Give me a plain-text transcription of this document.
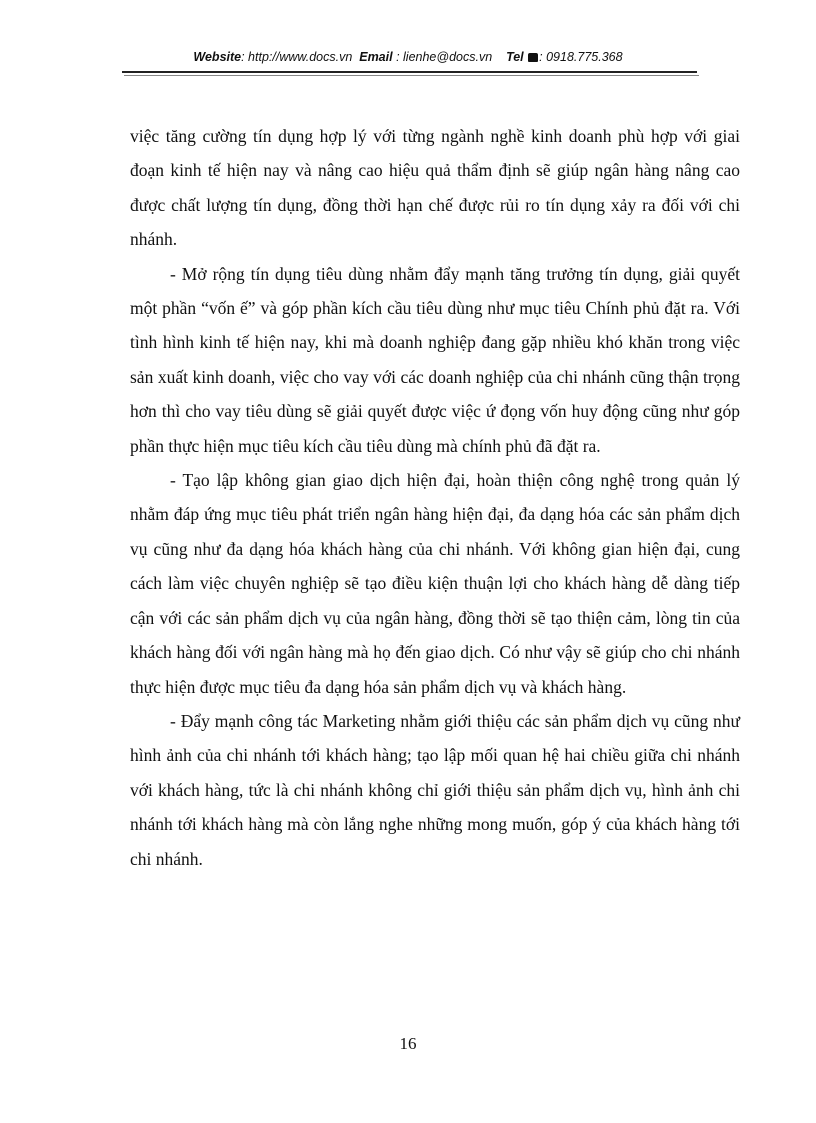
Website: http://www.docs.vn Email : lienhe@docs.vn Tel : 0918.775.368

việc tăng cường tín dụng hợp lý với từng ngành nghề kinh doanh phù hợp với giai đoạn kinh tế hiện nay và nâng cao hiệu quả thẩm định sẽ giúp ngân hàng nâng cao được chất lượng tín dụng, đồng thời hạn chế được rủi ro tín dụng xảy ra đối với chi nhánh.

- Mở rộng tín dụng tiêu dùng nhằm đẩy mạnh tăng trưởng tín dụng, giải quyết một phần “vốn ế” và góp phần kích cầu tiêu dùng như mục tiêu Chính phủ đặt ra. Với tình hình kinh tế hiện nay, khi mà doanh nghiệp đang gặp nhiều khó khăn trong việc sản xuất kinh doanh, việc cho vay với các doanh nghiệp của chi nhánh cũng thận trọng hơn thì cho vay tiêu dùng sẽ giải quyết được việc ứ đọng vốn huy động cũng như góp phần thực hiện mục tiêu kích cầu tiêu dùng mà chính phủ đã đặt ra.

- Tạo lập không gian giao dịch hiện đại, hoàn thiện công nghệ trong quản lý nhằm đáp ứng mục tiêu phát triển ngân hàng hiện đại, đa dạng hóa các sản phẩm dịch vụ cũng như đa dạng hóa khách hàng của chi nhánh. Với không gian hiện đại, cung cách làm việc chuyên nghiệp sẽ tạo điều kiện thuận lợi cho khách hàng dễ dàng tiếp cận với các sản phẩm dịch vụ của ngân hàng, đồng thời sẽ tạo thiện cảm, lòng tin của khách hàng đối với ngân hàng mà họ đến giao dịch. Có như vậy sẽ giúp cho chi nhánh thực hiện được mục tiêu đa dạng hóa sản phẩm dịch vụ và khách hàng.

- Đẩy mạnh công tác Marketing nhằm giới thiệu các sản phẩm dịch vụ cũng như hình ảnh của chi nhánh tới khách hàng; tạo lập mối quan hệ hai chiều giữa chi nhánh với khách hàng, tức là chi nhánh không chỉ giới thiệu sản phẩm dịch vụ, hình ảnh chi nhánh tới khách hàng mà còn lắng nghe những mong muốn, góp ý của khách hàng tới chi nhánh.

16
